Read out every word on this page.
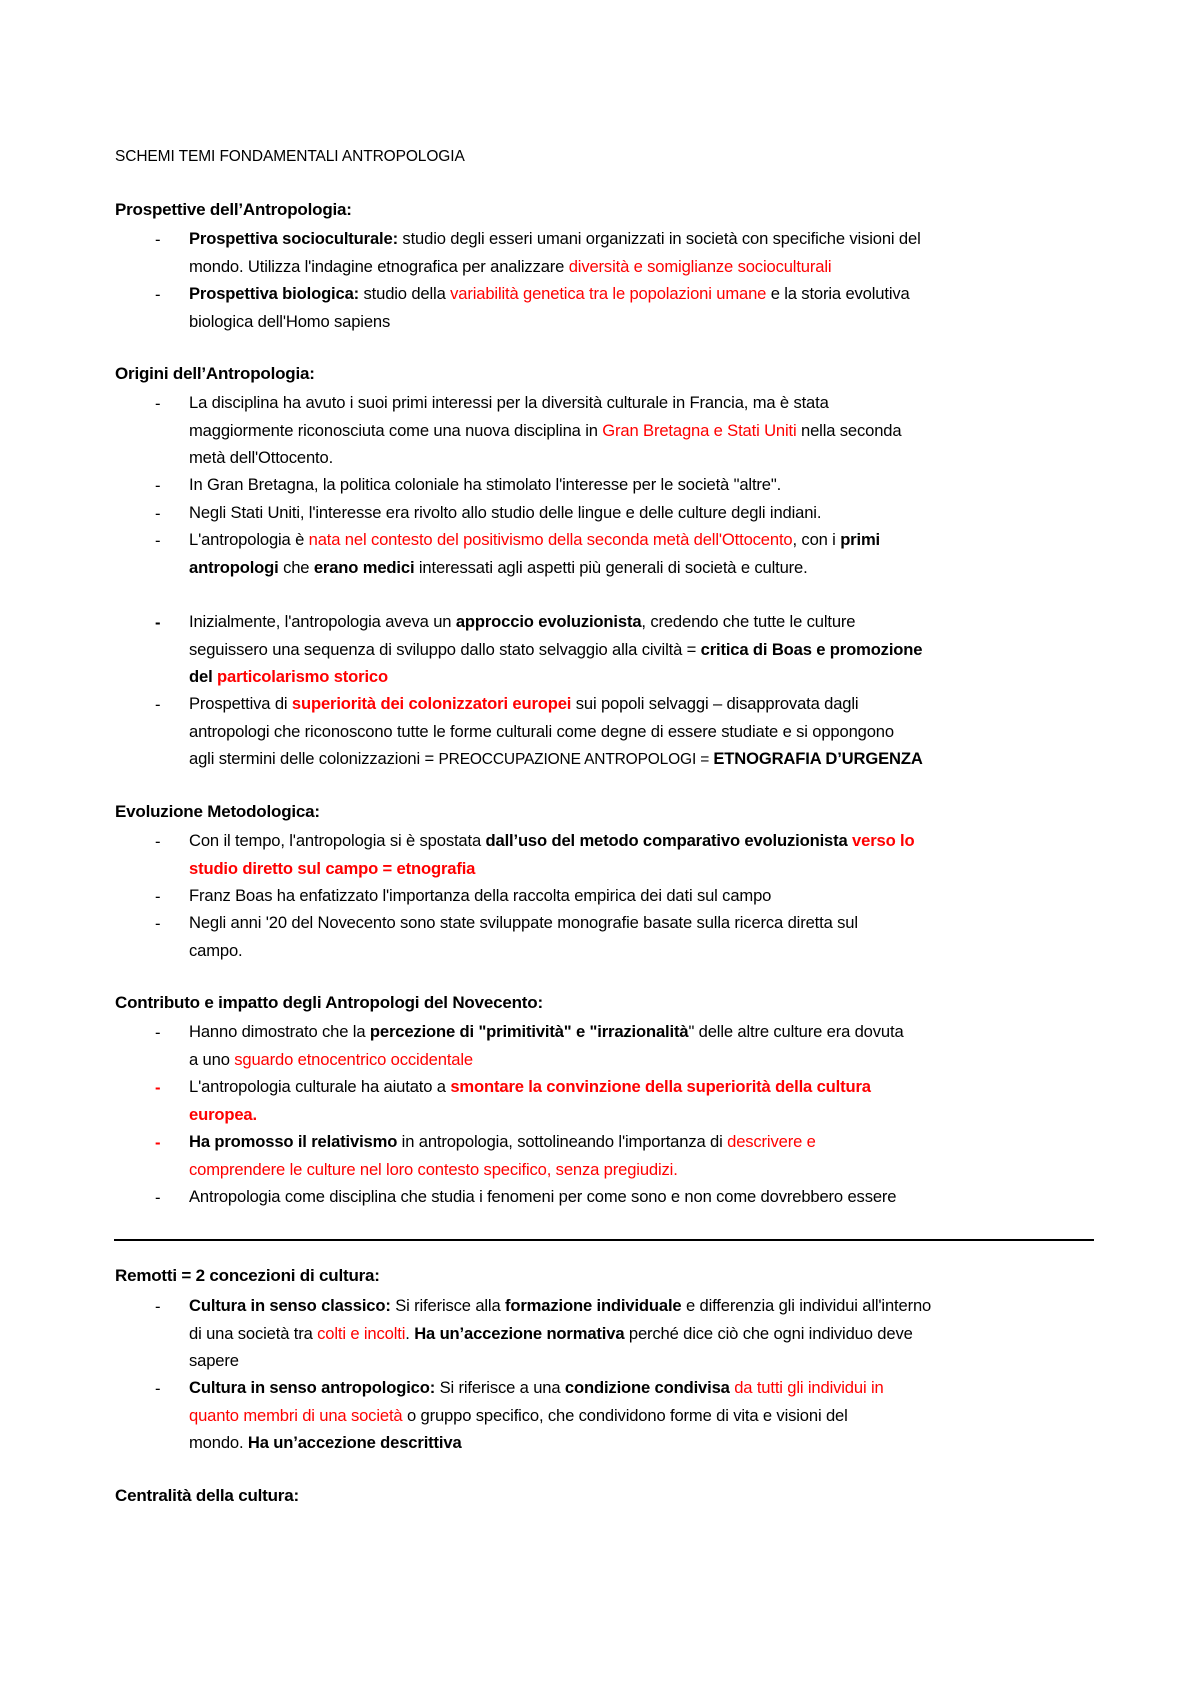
SCHEMI TEMI FONDAMENTALI ANTROPOLOGIA
Prospettive dell’Antropologia:
- Prospettiva socioculturale: studio degli esseri umani organizzati in società con specifiche visioni del
mondo. Utilizza l'indagine etnografica per analizzare diversità e somiglianze socioculturali
- Prospettiva biologica: studio della variabilità genetica tra le popolazioni umane e la storia evolutiva
biologica dell'Homo sapiens
Origini dell’Antropologia:
- La disciplina ha avuto i suoi primi interessi per la diversità culturale in Francia, ma è stata
maggiormente riconosciuta come una nuova disciplina in Gran Bretagna e Stati Uniti nella seconda
metà dell'Ottocento.
- In Gran Bretagna, la politica coloniale ha stimolato l'interesse per le società "altre".
- Negli Stati Uniti, l'interesse era rivolto allo studio delle lingue e delle culture degli indiani.
- L'antropologia è nata nel contesto del positivismo della seconda metà dell'Ottocento, con i primi
antropologi che erano medici interessati agli aspetti più generali di società e culture.
- Inizialmente, l'antropologia aveva un approccio evoluzionista, credendo che tutte le culture
seguissero una sequenza di sviluppo dallo stato selvaggio alla civiltà = critica di Boas e promozione
del particolarismo storico
- Prospettiva di superiorità dei colonizzatori europei sui popoli selvaggi – disapprovata dagli
antropologi che riconoscono tutte le forme culturali come degne di essere studiate e si oppongono
agli stermini delle colonizzazioni = PREOCCUPAZIONE ANTROPOLOGI = ETNOGRAFIA D’URGENZA
Evoluzione Metodologica:
- Con il tempo, l'antropologia si è spostata dall’uso del metodo comparativo evoluzionista verso lo
studio diretto sul campo = etnografia
- Franz Boas ha enfatizzato l'importanza della raccolta empirica dei dati sul campo
- Negli anni '20 del Novecento sono state sviluppate monografie basate sulla ricerca diretta sul
campo.
Contributo e impatto degli Antropologi del Novecento:
- Hanno dimostrato che la percezione di "primitività" e "irrazionalità" delle altre culture era dovuta
a uno sguardo etnocentrico occidentale
- L'antropologia culturale ha aiutato a smontare la convinzione della superiorità della cultura
europea.
- Ha promosso il relativismo in antropologia, sottolineando l'importanza di descrivere e
comprendere le culture nel loro contesto specifico, senza pregiudizi.
- Antropologia come disciplina che studia i fenomeni per come sono e non come dovrebbero essere
Remotti = 2 concezioni di cultura:
- Cultura in senso classico: Si riferisce alla formazione individuale e differenzia gli individui all'interno
di una società tra colti e incolti. Ha un’accezione normativa perché dice ciò che ogni individuo deve
sapere
- Cultura in senso antropologico: Si riferisce a una condizione condivisa da tutti gli individui in
quanto membri di una società o gruppo specifico, che condividono forme di vita e visioni del
mondo. Ha un’accezione descrittiva
Centralità della cultura:
